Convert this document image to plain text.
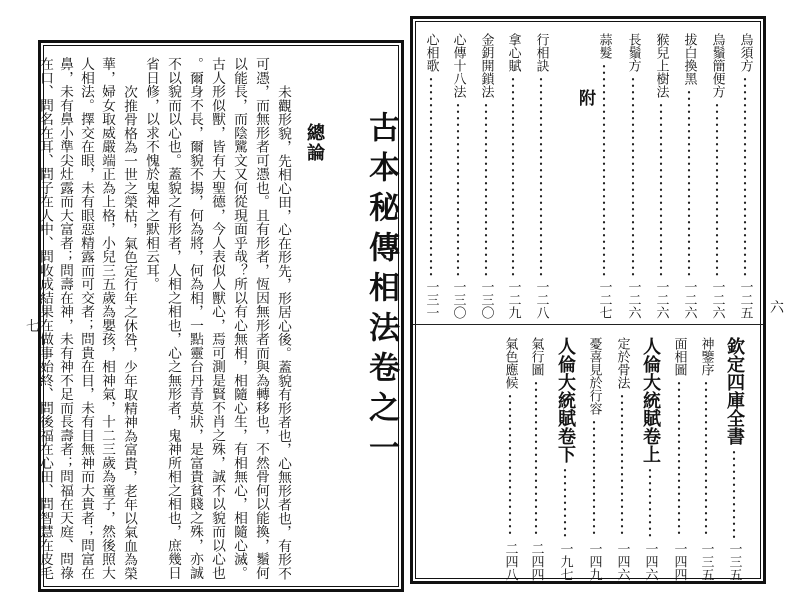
七	古本秘傳相法卷之一
總論
未觀形貌，先相心田，心在形先，形居心後。蓋貌有形者也，心無形者也，有形不
可憑，而無形者可憑也。且有形者，恆因無形者而與為轉移也，不然骨何以能換，鬚何
以能長，而陰騭文又何從現面乎哉？所以有心無相，相隨心生，有相無心，相隨心滅。
古人形似獸，皆有大聖德，今人表似人獸心，焉可測是賢不肖之殊，誠不以貌而以心也
。爾身不長，爾貌不揚，何為將，何為相，一點靈台丹青莫狀，是富貴貧賤之殊，亦誠
不以貌而以心也。蓋貌之有形者，人相之相也，心之無形者，鬼神所相之相也，庶幾日
省日修，以求不愧於鬼神之默相云耳。
次推骨格為一世之榮枯，氣色定行年之休咎，少年取精神為富貴，老年以氣血為榮
華，婦女取威嚴端正為上格，小兒三五歲為嬰孩，相神氣，十二三歲為童子，然後照大
人相法。擇交在眼，未有眼惡精露而可交者；問貴在目，未有目無神而大貴者；問富在
鼻，未有鼻小準尖灶露而大富者；問壽在神，未有神不足而長壽者；問福在天庭、問祿
在口、問名在耳、問子在人中、問收成結果在做事始終、問後福在心田、問智慧在皮毛
烏須方
一二五
烏鬚簡便方
一二六
拔白換黑
一二六
猴兒上樹法
一二六
長鬚方
一二六
蒜髮
一二七
附
行相訣
一二八
拿心賦
一二九
金鈅開鎖法
一三〇
心傳十八法
一三〇
心相歌
一三一
欽定四庫全書
一三五
神鑒序
一三五
面相圖
一四四
人倫大統賦卷上
一四六
定於骨法
一四六
憂喜見於行容
一四九
人倫大統賦卷下
一九七
氣行圖
二四四
氣色應候
二四八
六
